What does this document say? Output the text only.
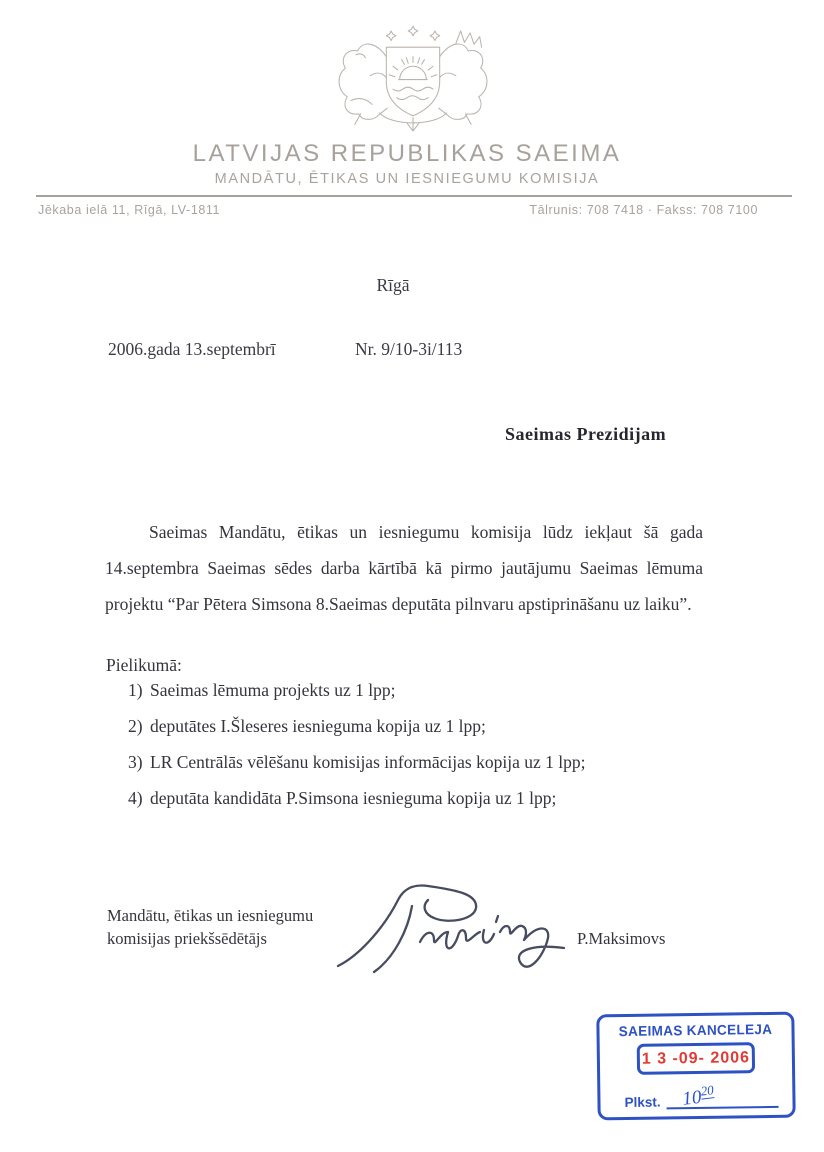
LATVIJAS REPUBLIKAS SAEIMA
MANDĀTU, ĒTIKAS UN IESNIEGUMU KOMISIJA
Jēkaba ielā 11, Rīgā, LV-1811	Tālrunis: 708 7418 · Fakss: 708 7100
Rīgā
2006.gada 13.septembrī	Nr. 9/10-3i/113
Saeimas Prezidijam

Saeimas Mandātu, ētikas un iesniegumu komisija lūdz iekļaut šā gada 14.septembra Saeimas sēdes darba kārtībā kā pirmo jautājumu Saeimas lēmuma projektu “Par Pētera Simsona 8.Saeimas deputāta pilnvaru apstiprināšanu uz laiku”.

Pielikumā:
1) Saeimas lēmuma projekts uz 1 lpp;
2) deputātes I.Šleseres iesnieguma kopija uz 1 lpp;
3) LR Centrālās vēlēšanu komisijas informācijas kopija uz 1 lpp;
4) deputāta kandidāta P.Simsona iesnieguma kopija uz 1 lpp;
Mandātu, ētikas un iesniegumu
komisijas priekšsēdētājs	P.Maksimovs
SAEIMAS KANCELEJA
1 3 -09- 2006
Plkst. $10^{20}$
